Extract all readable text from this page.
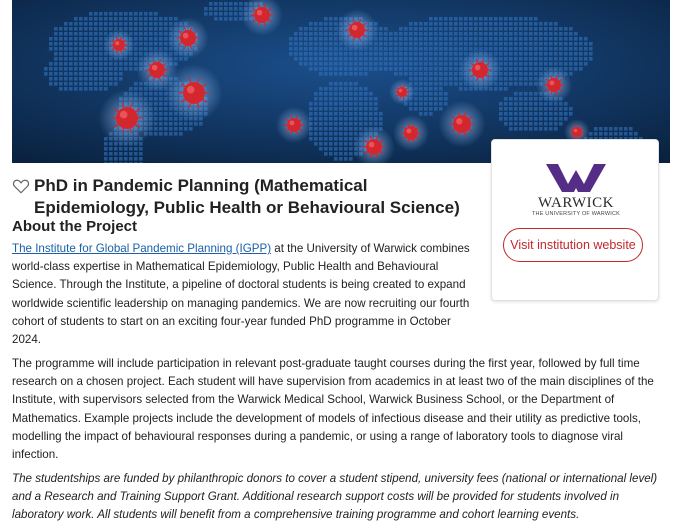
WARWICK
THE UNIVERSITY OF WARWICK
Visit institution website
PhD in Pandemic Planning (Mathematical Epidemiology, Public Health or Behavioural Science)
About the Project

The Institute for Global Pandemic Planning (IGPP) at the University of Warwick combines world-class expertise in Mathematical Epidemiology, Public Health and Behavioural Science. Through the Institute, a pipeline of doctoral students is being created to expand worldwide scientific leadership on managing pandemics. We are now recruiting our fourth cohort of students to start on an exciting four-year funded PhD programme in October 2024.

The programme will include participation in relevant post-graduate taught courses during the first year, followed by full time research on a chosen project. Each student will have supervision from academics in at least two of the main disciplines of the Institute, with supervisors selected from the Warwick Medical School, Warwick Business School, or the Department of Mathematics. Example projects include the development of models of infectious disease and their utility as predictive tools, modelling the impact of behavioural responses during a pandemic, or using a range of laboratory tools to diagnose viral infection.

The studentships are funded by philanthropic donors to cover a student stipend, university fees (national or international level) and a Research and Training Support Grant. Additional research support costs will be provided for students involved in laboratory work. All students will benefit from a comprehensive training programme and cohort learning events.
